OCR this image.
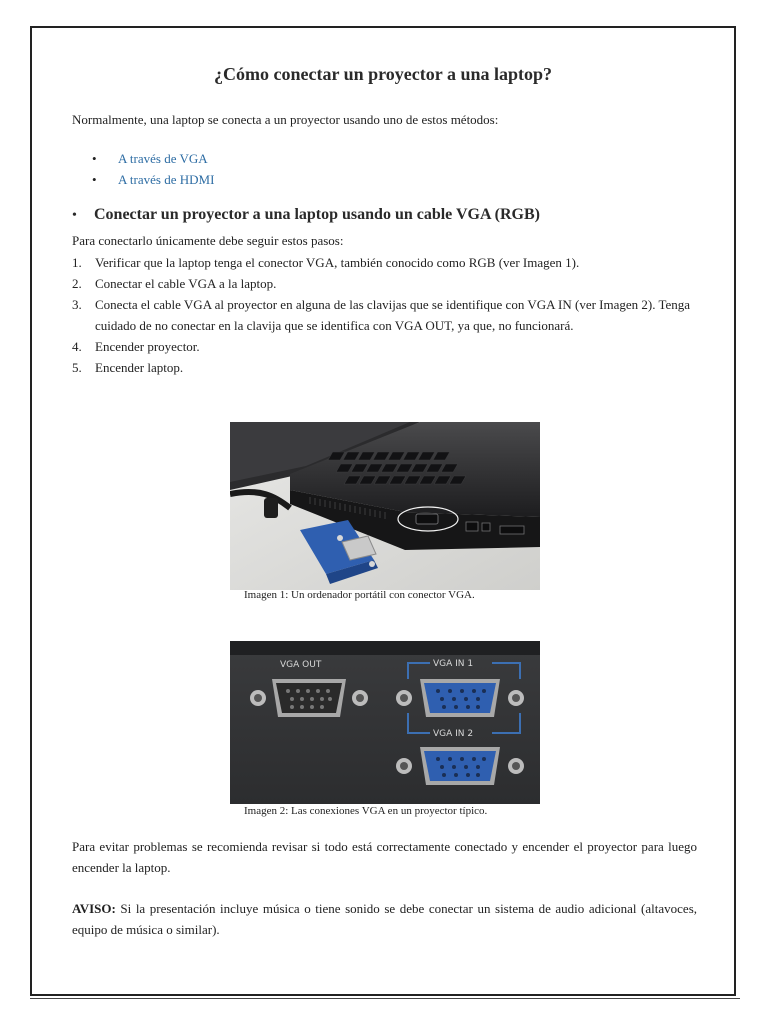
¿Cómo conectar un proyector a una laptop?

Normalmente, una laptop se conecta a un proyector usando uno de estos métodos:

• A través de VGA
• A través de HDMI
• Conectar un proyector a una laptop usando un cable VGA (RGB)

Para conectarlo únicamente debe seguir estos pasos:

1. Verificar que la laptop tenga el conector VGA, también conocido como RGB (ver Imagen 1).
2. Conectar el cable VGA a la laptop.
3. Conecta el cable VGA al proyector en alguna de las clavijas que se identifique con VGA IN (ver Imagen 2). Tenga cuidado de no conectar en la clavija que se identifica con VGA OUT, ya que, no funcionará.
4. Encender proyector.
5. Encender laptop.

Imagen 1: Un ordenador portátil con conector VGA.

VGA OUT	VGA IN 1
VGA IN 2

Imagen 2: Las conexiones VGA en un proyector típico.

Para evitar problemas se recomienda revisar si todo está correctamente conectado y encender el proyector para luego encender la laptop.

AVISO: Si la presentación incluye música o tiene sonido se debe conectar un sistema de audio adicional (altavoces, equipo de música o similar).
